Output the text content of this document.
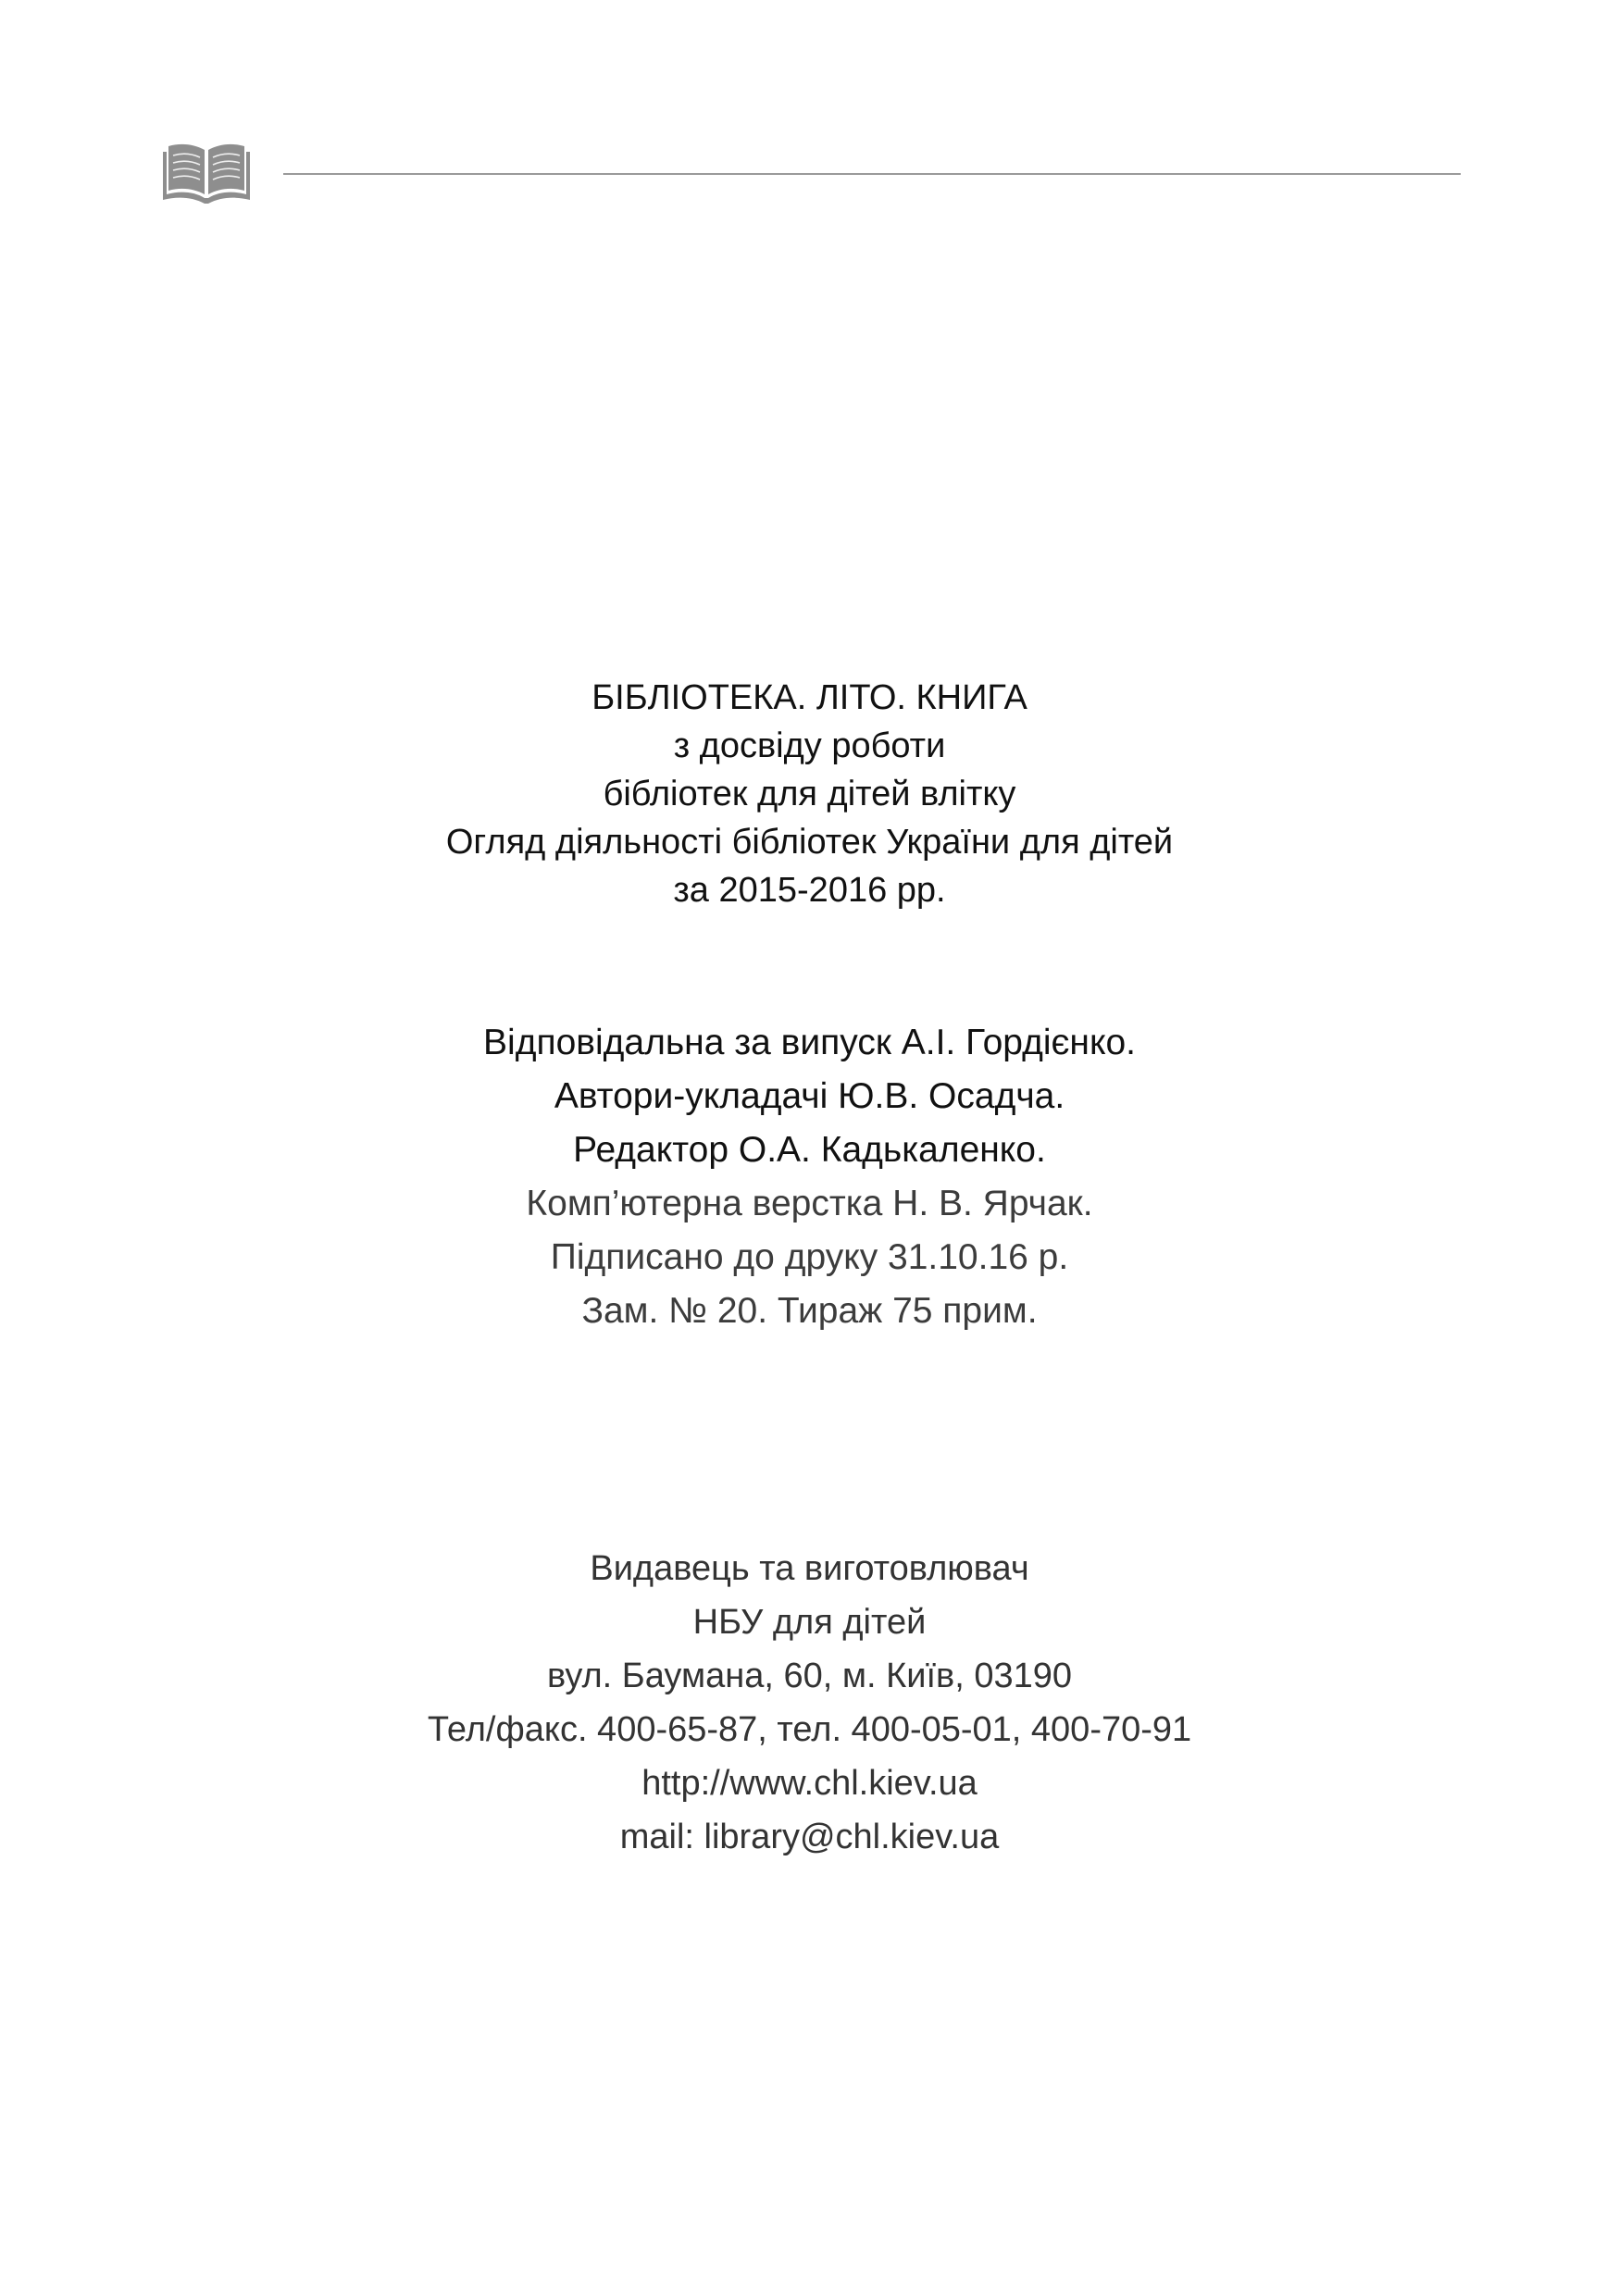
БІБЛІОТЕКА. ЛІТО. КНИГА
з досвіду роботи
бібліотек для дітей влітку
Огляд діяльності бібліотек України для дітей
за 2015-2016 рр.
Відповідальна за випуск А.І. Гордієнко.
Автори-укладачі Ю.В. Осадча.
Редактор О.А. Кадькаленко.
Комп’ютерна верстка Н. В. Ярчак.
Підписано до друку 31.10.16 р.
Зам. № 20. Тираж 75 прим.
Видавець та виготовлювач
НБУ для дітей
вул. Баумана, 60, м. Київ, 03190
Тел/факс. 400-65-87, тел. 400-05-01, 400-70-91
http://www.chl.kiev.ua
mail: library@chl.kiev.ua
